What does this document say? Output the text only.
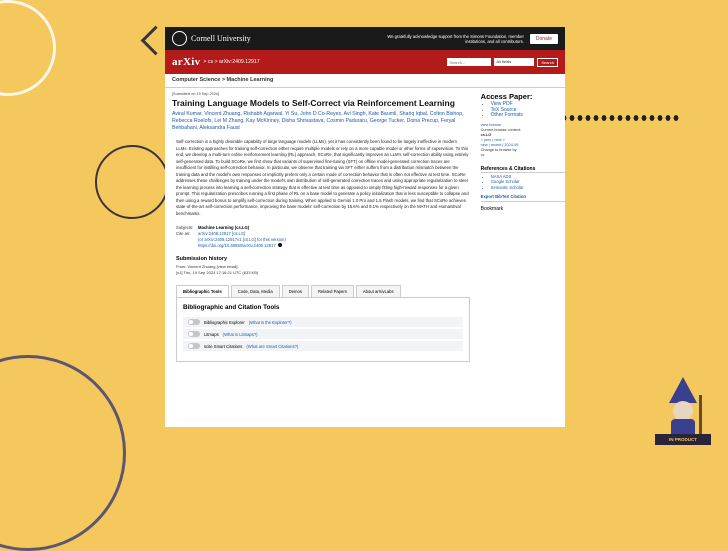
Cornell University	We gratefully acknowledge support from the Simons Foundation, member institutions, and all contributors.	Donate
arXiv > cs > arXiv:2409.12917
Search...	All fields	Search
Help | Advanced Search
Computer Science > Machine Learning
[Submitted on 19 Sep 2024]
Training Language Models to Self-Correct via Reinforcement Learning
Aviral Kumar, Vincent Zhuang, Rishabh Agarwal, Yi Su, John D Co-Reyes, Avi Singh, Kate Baumli, Shariq Iqbal, Colton Bishop, Rebecca Roelofs, Lei M Zhang, Kay McKinney, Disha Shrivastava, Cosmin Paduraru, George Tucker, Doina Precup, Feryal Behbahani, Aleksandra Faust
Self-correction is a highly desirable capability of large language models (LLMs), yet it has consistently been found to be largely ineffective in modern LLMs. Existing approaches for training self-correction either require multiple models or rely on a more capable model or other forms of supervision. To this end, we develop a multi-turn online reinforcement learning (RL) approach, SCoRe, that significantly improves an LLM's self-correction ability using entirely self-generated data. To build SCoRe, we first show that variants of supervised fine-tuning (SFT) on offline model-generated correction traces are insufficient for instilling self-correction behavior. In particular, we observe that training via SFT either suffers from a distribution mismatch between the training data and the model's own responses or implicitly prefers only a certain mode of correction behavior that is often not effective at test time. SCoRe addresses these challenges by training under the model's own distribution of self-generated correction traces and using appropriate regularization to steer the learning process into learning a self-correction strategy that is effective at test time as opposed to simply fitting high-reward responses for a given prompt. This regularization prescribes running a first phase of RL on a base model to generate a policy initialization that is less susceptible to collapse and then using a reward bonus to amplify self-correction during training. When applied to Gemini 1.0 Pro and 1.5 Flash models, we find that SCoRe achieves state-of-the-art self-correction performance, improving the base models' self-correction by 15.6% and 9.1% respectively on the MATH and HumanEval benchmarks.
Subjects:	Machine Learning (cs.LG)
Cite as:	arXiv:2409.12917 [cs.LG]
(or arXiv:2409.12917v1 [cs.LG] for this version)
https://doi.org/10.48550/arXiv.2409.12917
Submission history
From: Vincent Zhuang [view email]
[v1] Thu, 19 Sep 2024 17:16:21 UTC (633 KB)
Bibliographic Tools	Code, Data, Media	Demos	Related Papers	About arXivLabs
Bibliographic and Citation Tools
Bibliographic Explorer (What is the Explorer?)
Litmaps (What is Litmaps?)
scite Smart Citations (What are Smart Citations?)
Access Paper:
• View PDF
• TeX Source
• Other Formats
view license
Current browse context:
cs.LG
< prev | next >
new | recent | 2024-09
Change to browse by:
cs
References & Citations
• NASA ADS
• Google Scholar
• Semantic Scholar
Export BibTeX Citation
Bookmark
IN PRODUCT WANDERING
